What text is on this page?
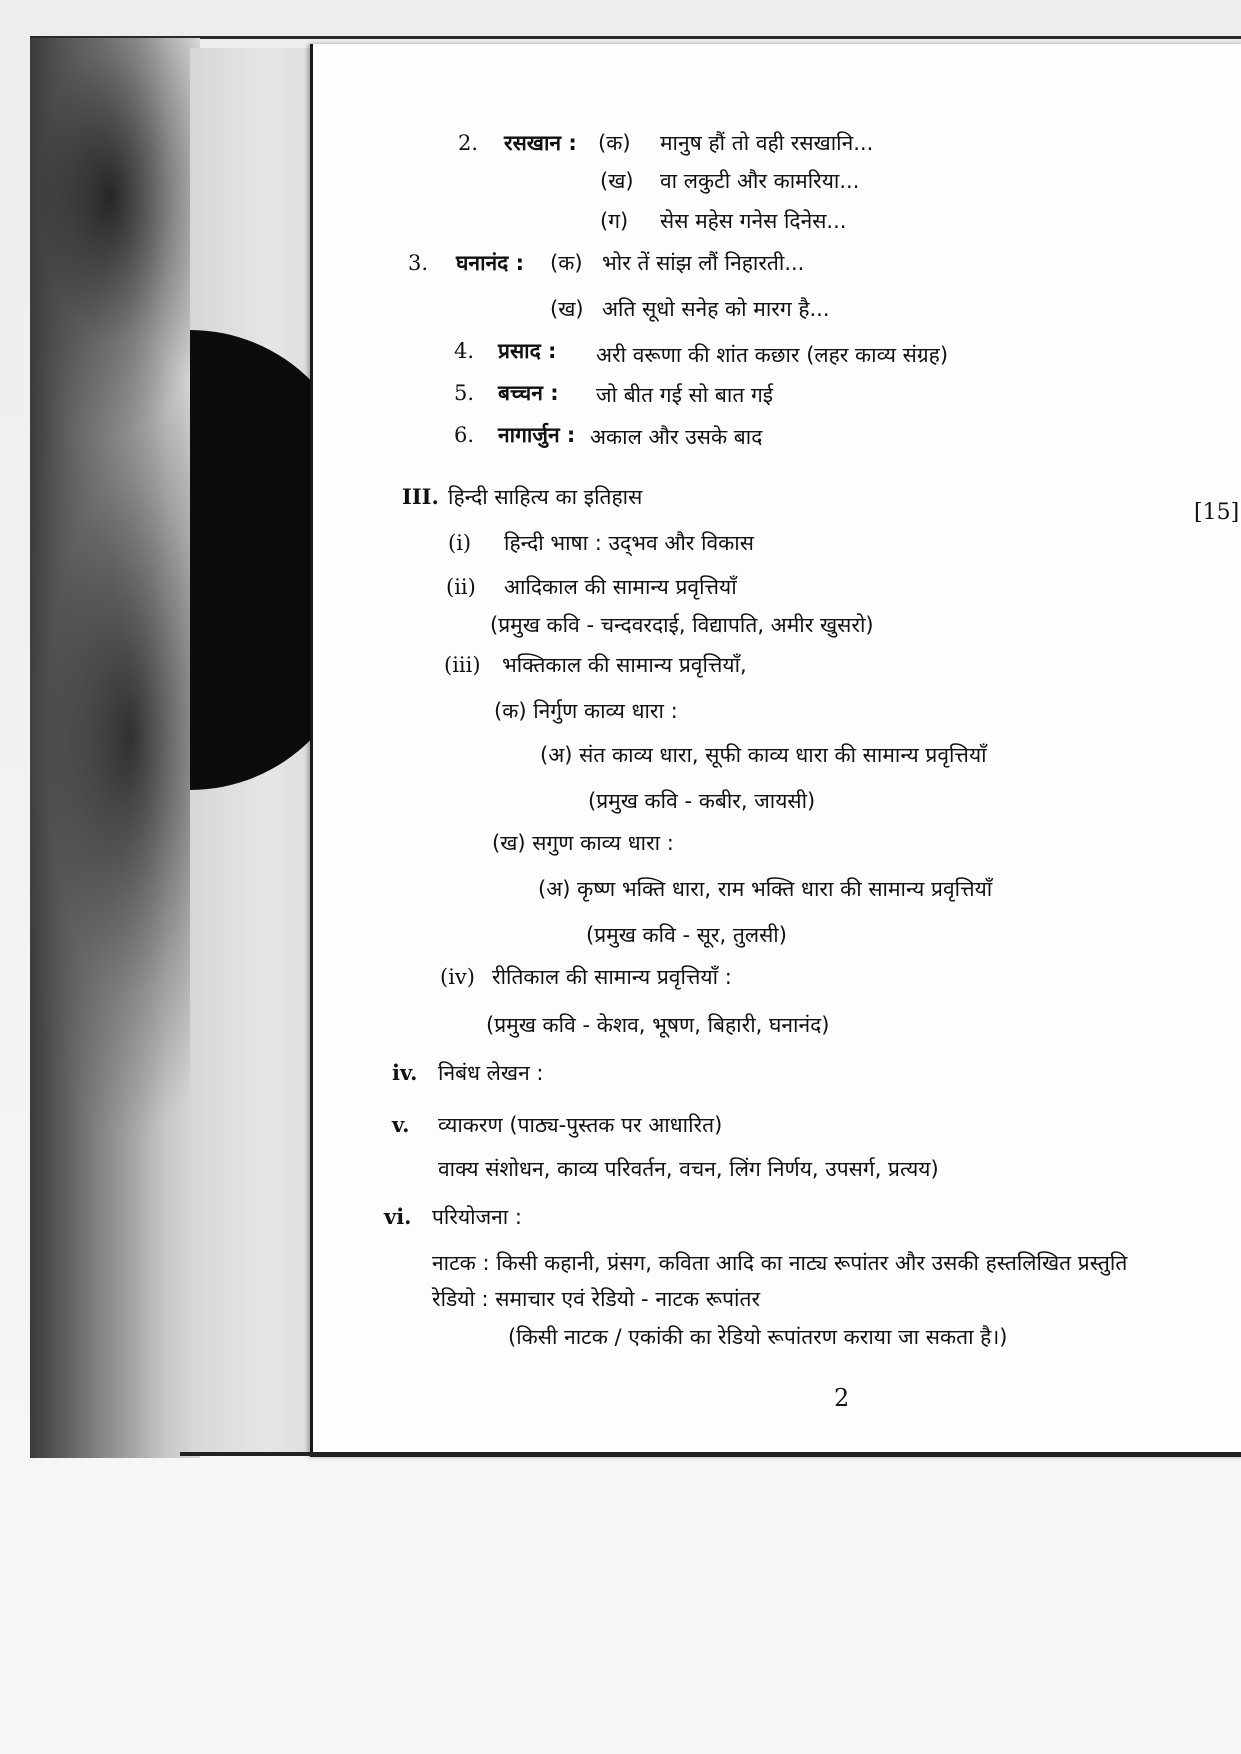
2. रसखान : (क) मानुष हौं तो वही रसखानि...
(ख) वा लकुटी और कामरिया...
(ग) सेस महेस गनेस दिनेस...
3. घनानंद : (क) भोर तें सांझ लौं निहारती...
(ख) अति सूधो सनेह को मारग है...
4. प्रसाद : अरी वरूणा की शांत कछार (लहर काव्य संग्रह)
5. बच्चन : जो बीत गई सो बात गई
6. नागार्जुन : अकाल और उसके बाद
III. हिन्दी साहित्य का इतिहास
[15]
(i) हिन्दी भाषा : उद्‌भव और विकास
(ii) आदिकाल की सामान्य प्रवृत्तियाँ
(प्रमुख कवि - चन्दवरदाई, विद्यापति, अमीर खुसरो)
(iii) भक्तिकाल की सामान्य प्रवृत्तियाँ,
(क) निर्गुण काव्य धारा :
(अ) संत काव्य धारा, सूफी काव्य धारा की सामान्य प्रवृत्तियाँ
(प्रमुख कवि - कबीर, जायसी)
(ख) सगुण काव्य धारा :
(अ) कृष्ण भक्ति धारा, राम भक्ति धारा की सामान्य प्रवृत्तियाँ
(प्रमुख कवि - सूर, तुलसी)
(iv) रीतिकाल की सामान्य प्रवृत्तियाँ :
(प्रमुख कवि - केशव, भूषण, बिहारी, घनानंद)
iv. निबंध लेखन :
v. व्याकरण (पाठ्य-पुस्तक पर आधारित)
वाक्य संशोधन, काव्य परिवर्तन, वचन, लिंग निर्णय, उपसर्ग, प्रत्यय)
vi. परियोजना :
नाटक : किसी कहानी, प्रंसग, कविता आदि का नाट्य रूपांतर और उसकी हस्तलिखित प्रस्तुति
रेडियो : समाचार एवं रेडियो - नाटक रूपांतर
(किसी नाटक / एकांकी का रेडियो रूपांतरण कराया जा सकता है।)
2
